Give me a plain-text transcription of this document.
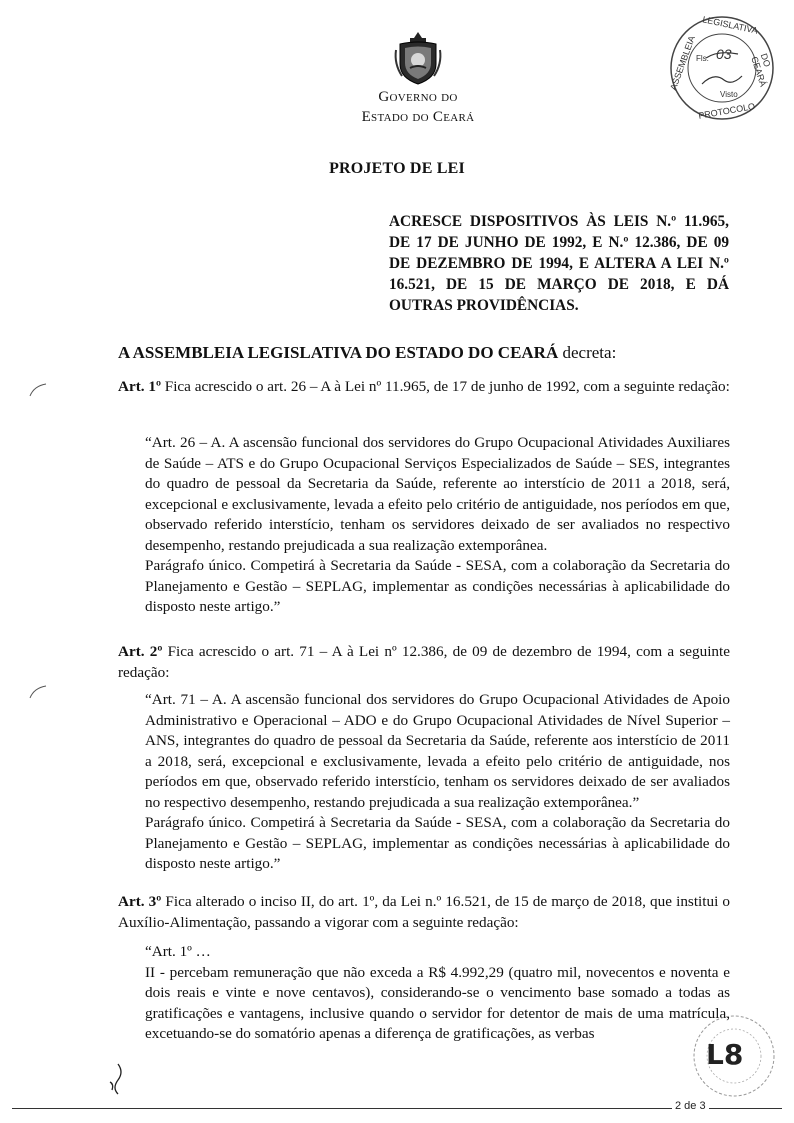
Governo do
Estado do Ceará
LEGISLATIVA
ASSEMBLEIA	DO CEARÁ
PROTOCOLO
Fls. 03
Visto
PROJETO DE LEI
ACRESCE DISPOSITIVOS ÀS LEIS N.º 11.965, DE 17 DE JUNHO DE 1992, E N.º 12.386, DE 09 DE DEZEMBRO DE 1994, E ALTERA A LEI N.º 16.521, DE 15 DE MARÇO DE 2018, E DÁ OUTRAS PROVIDÊNCIAS.
A ASSEMBLEIA LEGISLATIVA DO ESTADO DO CEARÁ decreta:
Art. 1º Fica acrescido o art. 26 – A à Lei nº 11.965, de 17 de junho de 1992, com a seguinte redação:

“Art. 26 – A. A ascensão funcional dos servidores do Grupo Ocupacional Atividades Auxiliares de Saúde – ATS e do Grupo Ocupacional Serviços Especializados de Saúde – SES, integrantes do quadro de pessoal da Secretaria da Saúde, referente ao interstício de 2011 a 2018, será, excepcional e exclusivamente, levada a efeito pelo critério de antiguidade, nos períodos em que, observado referido interstício, tenham os servidores deixado de ser avaliados no respectivo desempenho, restando prejudicada a sua realização extemporânea.

Parágrafo único. Competirá à Secretaria da Saúde - SESA, com a colaboração da Secretaria do Planejamento e Gestão – SEPLAG, implementar as condições necessárias à aplicabilidade do disposto neste artigo.”

Art. 2º Fica acrescido o art. 71 – A à Lei nº 12.386, de 09 de dezembro de 1994, com a seguinte redação:

“Art. 71 – A. A ascensão funcional dos servidores do Grupo Ocupacional Atividades de Apoio Administrativo e Operacional – ADO e do Grupo Ocupacional Atividades de Nível Superior – ANS, integrantes do quadro de pessoal da Secretaria da Saúde, referente aos interstício de 2011 a 2018, será, excepcional e exclusivamente, levada a efeito pelo critério de antiguidade, nos períodos em que, observado referido interstício, tenham os servidores deixado de ser avaliados no respectivo desempenho, restando prejudicada a sua realização extemporânea.”

Parágrafo único. Competirá à Secretaria da Saúde - SESA, com a colaboração da Secretaria do Planejamento e Gestão – SEPLAG, implementar as condições necessárias à aplicabilidade do disposto neste artigo.”

Art. 3º Fica alterado o inciso II, do art. 1º, da Lei n.º 16.521, de 15 de março de 2018, que institui o Auxílio-Alimentação, passando a vigorar com a seguinte redação:

“Art. 1º …

II - percebam remuneração que não exceda a R$ 4.992,29 (quatro mil, novecentos e noventa e dois reais e vinte e nove centavos), considerando-se o vencimento base somado a todas as gratificações e vantagens, inclusive quando o servidor for detentor de mais de uma matrícula, excetuando-se do somatório apenas a diferença de gratificações, as verbas

L8
2 de 3
